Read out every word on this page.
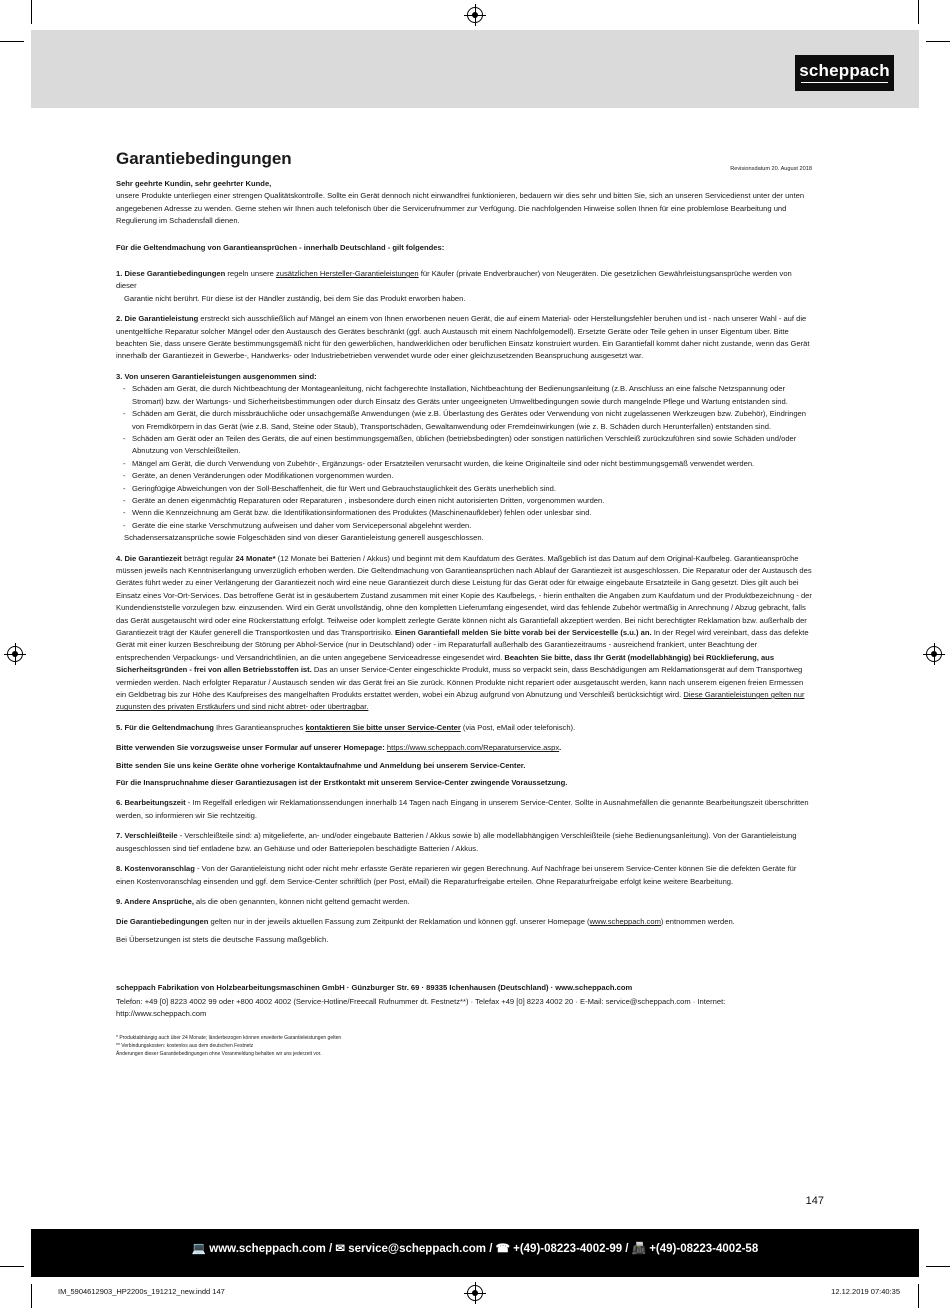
scheppach
Garantiebedingungen
Revisionsdatum 20. August 2018

Sehr geehrte Kundin, sehr geehrter Kunde,

unsere Produkte unterliegen einer strengen Qualitätskontrolle. Sollte ein Gerät dennoch nicht einwandfrei funktionieren, bedauern wir dies sehr und bitten Sie, sich an unseren Servicedienst unter der unten angegebenen Adresse zu wenden. Gerne stehen wir Ihnen auch telefonisch über die Servicerufnummer zur Verfügung. Die nachfolgenden Hinweise sollen Ihnen für eine problemlose Bearbeitung und Regulierung im Schadensfall dienen.

Für die Geltendmachung von Garantieansprüchen - innerhalb Deutschland - gilt folgendes:

1. Diese Garantiebedingungen regeln unsere zusätzlichen Hersteller-Garantieleistungen für Käufer (private Endverbraucher) von Neugeräten. Die gesetzlichen Gewährleistungsansprüche werden von dieser

Garantie nicht berührt. Für diese ist der Händler zuständig, bei dem Sie das Produkt erworben haben.

2. Die Garantieleistung erstreckt sich ausschließlich auf Mängel an einem von Ihnen erworbenen neuen Gerät, die auf einem Material- oder Herstellungsfehler beruhen und ist - nach unserer Wahl - auf die unentgeltliche Reparatur solcher Mängel oder den Austausch des Gerätes beschränkt (ggf. auch Austausch mit einem Nachfolgemodell). Ersetzte Geräte oder Teile gehen in unser Eigentum über. Bitte beachten Sie, dass unsere Geräte bestimmungsgemäß nicht für den gewerblichen, handwerklichen oder beruflichen Einsatz konstruiert wurden. Ein Garantiefall kommt daher nicht zustande, wenn das Gerät innerhalb der Garantiezeit in Gewerbe-, Handwerks- oder Industriebetrieben verwendet wurde oder einer gleichzusetzenden Beanspruchung ausgesetzt war.

3. Von unseren Garantieleistungen ausgenommen sind:

- Schäden am Gerät, die durch Nichtbeachtung der Montageanleitung, nicht fachgerechte Installation, Nichtbeachtung der Bedienungsanleitung (z.B. Anschluss an eine falsche Netzspannung oder Stromart) bzw. der Wartungs- und Sicherheitsbestimmungen oder durch Einsatz des Geräts unter ungeeigneten Umweltbedingungen sowie durch mangelnde Pflege und Wartung entstanden sind.
- Schäden am Gerät, die durch missbräuchliche oder unsachgemäße Anwendungen (wie z.B. Überlastung des Gerätes oder Verwendung von nicht zugelassenen Werkzeugen bzw. Zubehör), Eindringen von Fremdkörpern in das Gerät (wie z.B. Sand, Steine oder Staub), Transportschäden, Gewaltanwendung oder Fremdeinwirkungen (wie z. B. Schäden durch Herunterfallen) entstanden sind.
- Schäden am Gerät oder an Teilen des Geräts, die auf einen bestimmungsgemäßen, üblichen (betriebsbedingten) oder sonstigen natürlichen Verschleiß zurückzuführen sind sowie Schäden und/oder Abnutzung von Verschleißteilen.
- Mängel am Gerät, die durch Verwendung von Zubehör-, Ergänzungs- oder Ersatzteilen verursacht wurden, die keine Originalteile sind oder nicht bestimmungsgemäß verwendet werden.
- Geräte, an denen Veränderungen oder Modifikationen vorgenommen wurden.
- Geringfügige Abweichungen von der Soll-Beschaffenheit, die für Wert und Gebrauchstauglichkeit des Geräts unerheblich sind.
- Geräte an denen eigenmächtig Reparaturen oder Reparaturen , insbesondere durch einen nicht autorisierten Dritten, vorgenommen wurden.
- Wenn die Kennzeichnung am Gerät bzw. die Identifikationsinformationen des Produktes (Maschinenaufkleber) fehlen oder unlesbar sind.
- Geräte die eine starke Verschmutzung aufweisen und daher vom Servicepersonal abgelehnt werden.

Schadensersatzansprüche sowie Folgeschäden sind von dieser Garantieleistung generell ausgeschlossen.

4. Die Garantiezeit beträgt regulär 24 Monate* (12 Monate bei Batterien / Akkus) und beginnt mit dem Kaufdatum des Gerätes. Maßgeblich ist das Datum auf dem Original-Kaufbeleg. Garantieansprüche müssen jeweils nach Kenntniserlangung unverzüglich erhoben werden. Die Geltendmachung von Garantieansprüchen nach Ablauf der Garantiezeit ist ausgeschlossen. Die Reparatur oder der Austausch des Gerätes führt weder zu einer Verlängerung der Garantiezeit noch wird eine neue Garantiezeit durch diese Leistung für das Gerät oder für etwaige eingebaute Ersatzteile in Gang gesetzt. Dies gilt auch bei Einsatz eines Vor-Ort-Services. Das betroffene Gerät ist in gesäubertem Zustand zusammen mit einer Kopie des Kaufbelegs, - hierin enthalten die Angaben zum Kaufdatum und der Produktbezeichnung - der Kundendienststelle vorzulegen bzw. einzusenden. Wird ein Gerät unvollständig, ohne den kompletten Lieferumfang eingesendet, wird das fehlende Zubehör wertmäßig in Anrechnung / Abzug gebracht, falls das Gerät ausgetauscht wird oder eine Rückerstattung erfolgt. Teilweise oder komplett zerlegte Geräte können nicht als Garantiefall akzeptiert werden. Bei nicht berechtigter Reklamation bzw. außerhalb der Garantiezeit trägt der Käufer generell die Transportkosten und das Transportrisiko. Einen Garantiefall melden Sie bitte vorab bei der Servicestelle (s.u.) an. In der Regel wird vereinbart, dass das defekte Gerät mit einer kurzen Beschreibung der Störung per Abhol-Service (nur in Deutschland) oder - im Reparaturfall außerhalb des Garantiezeitraums - ausreichend frankiert, unter Beachtung der entsprechenden Verpackungs- und Versandrichtlinien, an die unten angegebene Serviceadresse eingesendet wird. Beachten Sie bitte, dass Ihr Gerät (modellabhängig) bei Rücklieferung, aus Sicherheitsgründen - frei von allen Betriebsstoffen ist. Das an unser Service-Center eingeschickte Produkt, muss so verpackt sein, dass Beschädigungen am Reklamationsgerät auf dem Transportweg vermieden werden. Nach erfolgter Reparatur / Austausch senden wir das Gerät frei an Sie zurück. Können Produkte nicht repariert oder ausgetauscht werden, kann nach unserem eigenen freien Ermessen ein Geldbetrag bis zur Höhe des Kaufpreises des mangelhaften Produkts erstattet werden, wobei ein Abzug aufgrund von Abnutzung und Verschleiß berücksichtigt wird. Diese Garantieleistungen gelten nur zugunsten des privaten Erstkäufers und sind nicht abtret- oder übertragbar.

5. Für die Geltendmachung Ihres Garantieanspruches kontaktieren Sie bitte unser Service-Center (via Post, eMail oder telefonisch).

Bitte verwenden Sie vorzugsweise unser Formular auf unserer Homepage: https://www.scheppach.com/Reparaturservice.aspx.

Bitte senden Sie uns keine Geräte ohne vorherige Kontaktaufnahme und Anmeldung bei unserem Service-Center.

Für die Inanspruchnahme dieser Garantiezusagen ist der Erstkontakt mit unserem Service-Center zwingende Voraussetzung.

6. Bearbeitungszeit - Im Regelfall erledigen wir Reklamationssendungen innerhalb 14 Tagen nach Eingang in unserem Service-Center. Sollte in Ausnahmefällen die genannte Bearbeitungszeit überschritten werden, so informieren wir Sie rechtzeitig.

7. Verschleißteile - Verschleißteile sind: a) mitgelieferte, an- und/oder eingebaute Batterien / Akkus sowie b) alle modellabhängigen Verschleißteile (siehe Bedienungsanleitung). Von der Garantieleistung ausgeschlossen sind tief entladene bzw. an Gehäuse und oder Batteriepolen beschädigte Batterien / Akkus.

8. Kostenvoranschlag - Von der Garantieleistung nicht oder nicht mehr erfasste Geräte reparieren wir gegen Berechnung. Auf Nachfrage bei unserem Service-Center können Sie die defekten Geräte für einen Kostenvoranschlag einsenden und ggf. dem Service-Center schriftlich (per Post, eMail) die Reparaturfreigabe erteilen. Ohne Reparaturfreigabe erfolgt keine weitere Bearbeitung.

9. Andere Ansprüche, als die oben genannten, können nicht geltend gemacht werden.

Die Garantiebedingungen gelten nur in der jeweils aktuellen Fassung zum Zeitpunkt der Reklamation und können ggf. unserer Homepage (www.scheppach.com) entnommen werden.

Bei Übersetzungen ist stets die deutsche Fassung maßgeblich.

scheppach Fabrikation von Holzbearbeitungsmaschinen GmbH · Günzburger Str. 69 · 89335 Ichenhausen (Deutschland) · www.scheppach.com

Telefon: +49 [0] 8223 4002 99 oder +800 4002 4002 (Service-Hotline/Freecall Rufnummer dt. Festnetz**) · Telefax +49 [0] 8223 4002 20 · E-Mail: service@scheppach.com · Internet: http://www.scheppach.com

* Produktabhängig auch über 24 Monate; länderbezogen können erweiterte Garantieleistungen gelten

** Verbindungskosten: kostenlos aus dem deutschen Festnetz

Änderungen dieser Garantiebedingungen ohne Voranmeldung behalten wir uns jederzeit vor.

147
💻 www.scheppach.com / ✉ service@scheppach.com / ☎ +(49)-08223-4002-99 / 📠 +(49)-08223-4002-58
IM_5904612903_HP2200s_191212_new.indd 147	12.12.2019 07:40:35
